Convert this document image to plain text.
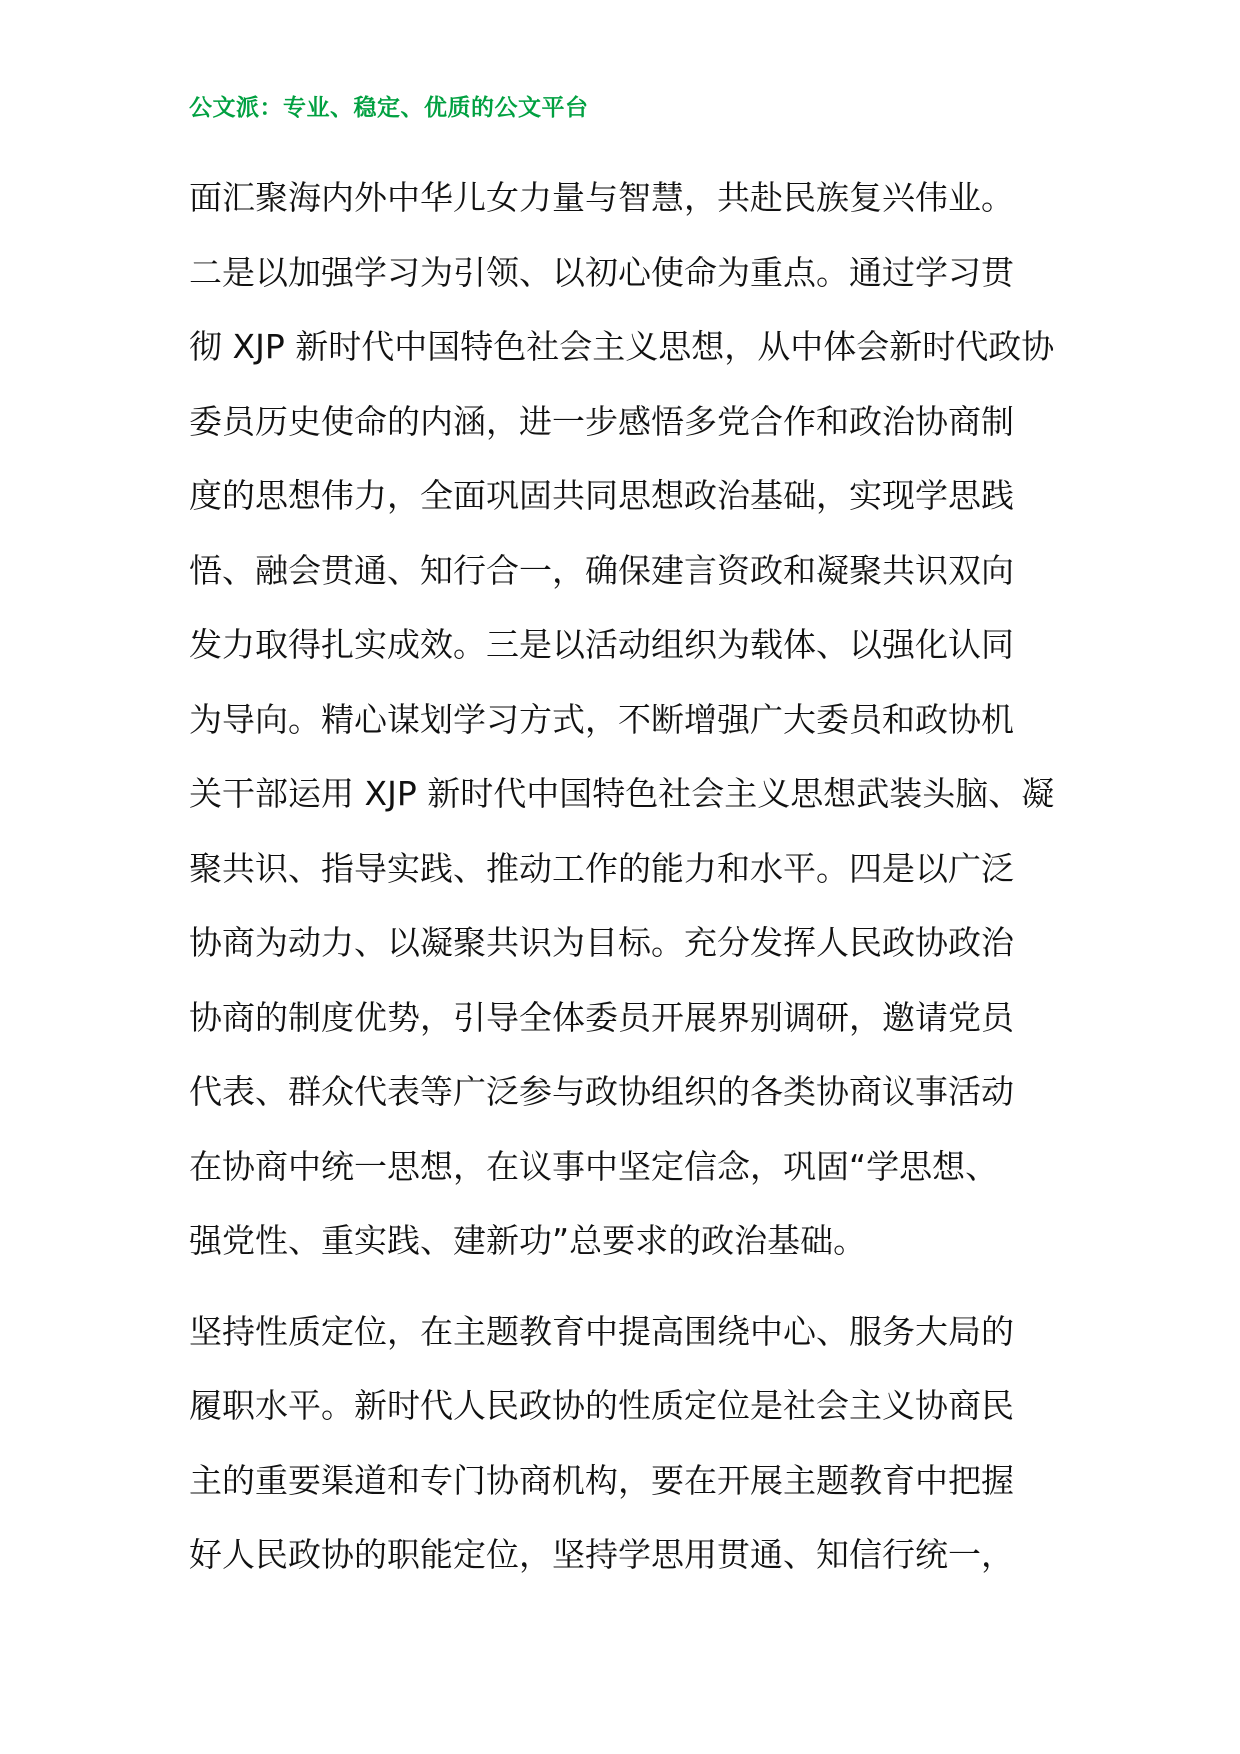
公文派：专业、稳定、优质的公文平台
面汇聚海内外中华儿女力量与智慧，共赴民族复兴伟业。
二是以加强学习为引领、以初心使命为重点。通过学习贯
彻 XJP 新时代中国特色社会主义思想，从中体会新时代政协
委员历史使命的内涵，进一步感悟多党合作和政治协商制
度的思想伟力，全面巩固共同思想政治基础，实现学思践
悟、融会贯通、知行合一，确保建言资政和凝聚共识双向
发力取得扎实成效。三是以活动组织为载体、以强化认同
为导向。精心谋划学习方式，不断增强广大委员和政协机
关干部运用 XJP 新时代中国特色社会主义思想武装头脑、凝
聚共识、指导实践、推动工作的能力和水平。四是以广泛
协商为动力、以凝聚共识为目标。充分发挥人民政协政治
协商的制度优势，引导全体委员开展界别调研，邀请党员
代表、群众代表等广泛参与政协组织的各类协商议事活动
在协商中统一思想，在议事中坚定信念，巩固“学思想、
强党性、重实践、建新功”总要求的政治基础。
坚持性质定位，在主题教育中提高围绕中心、服务大局的
履职水平。新时代人民政协的性质定位是社会主义协商民
主的重要渠道和专门协商机构，要在开展主题教育中把握
好人民政协的职能定位，坚持学思用贯通、知信行统一，
